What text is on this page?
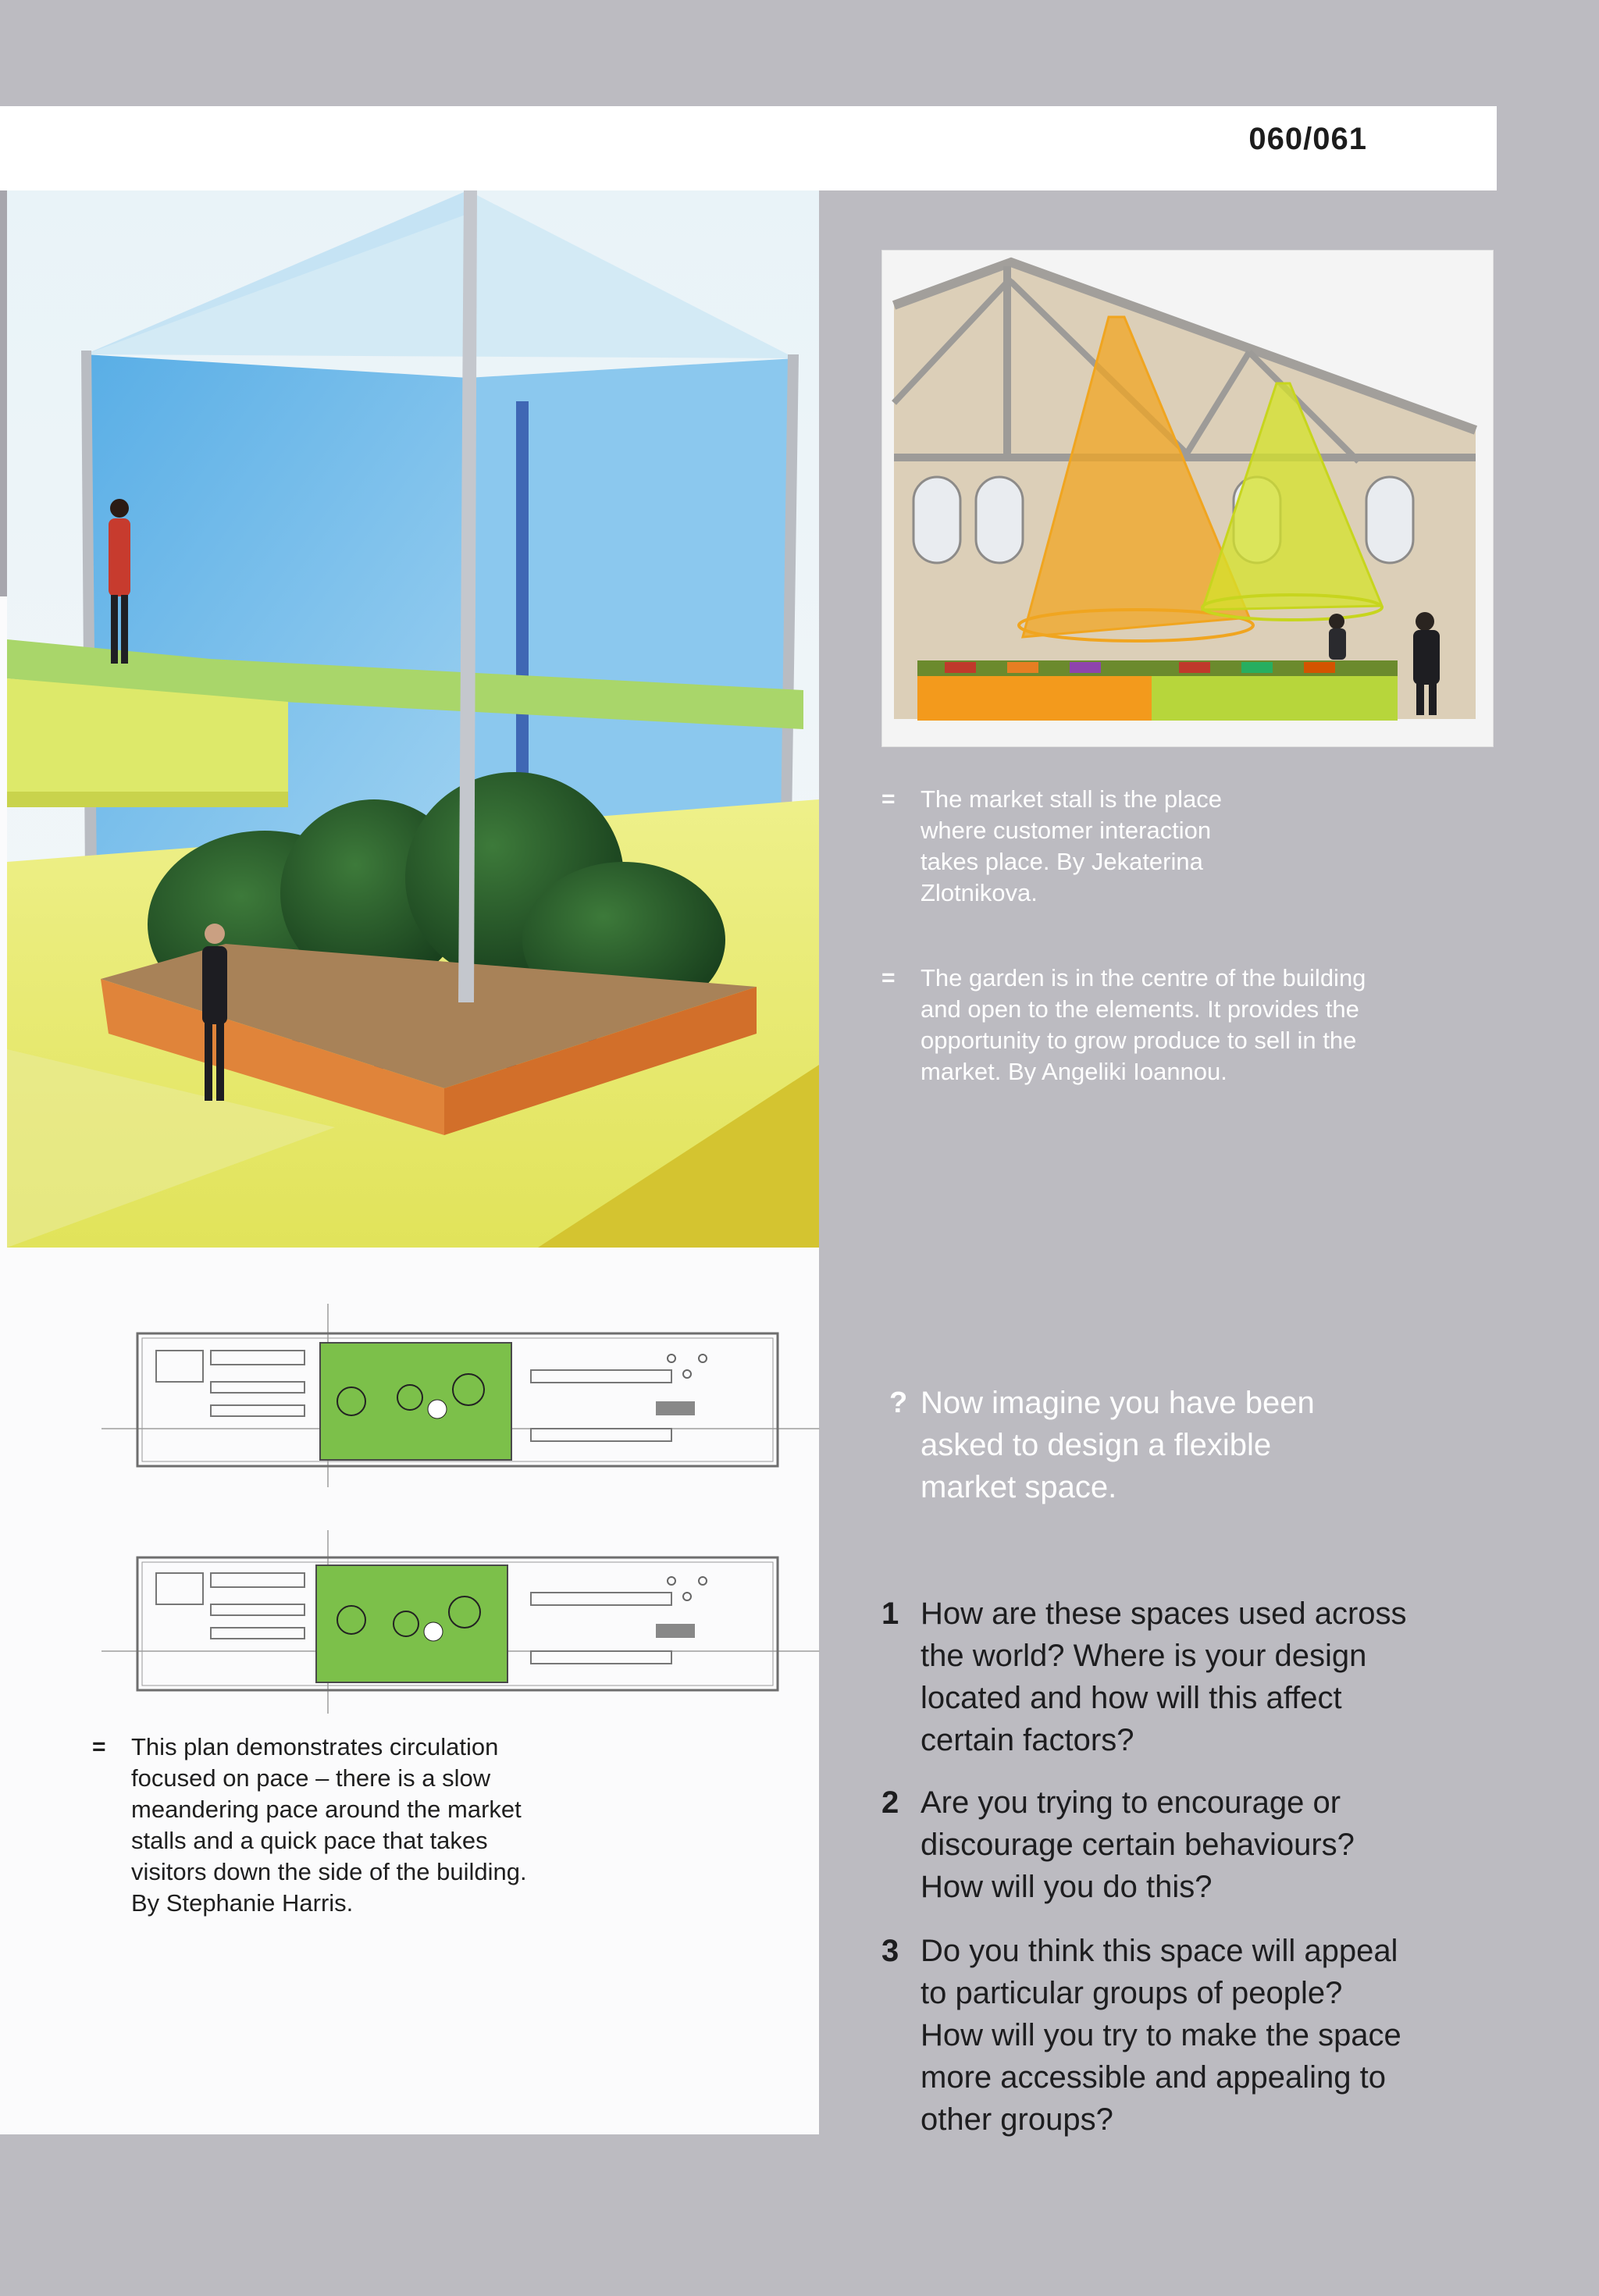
060/061
=	The market stall is the place where customer interaction takes place. By Jekaterina Zlotnikova.
=	The garden is in the centre of the building and open to the elements. It provides the opportunity to grow produce to sell in the market. By Angeliki Ioannou.
=	This plan demonstrates circulation focused on pace – there is a slow meandering pace around the market stalls and a quick pace that takes visitors down the side of the building. By Stephanie Harris.
? Now imagine you have been asked to design a flexible market space.
1 How are these spaces used across the world? Where is your design located and how will this affect certain factors?
2 Are you trying to encourage or discourage certain behaviours? How will you do this?
3 Do you think this space will appeal to particular groups of people? How will you try to make the space more accessible and appealing to other groups?
